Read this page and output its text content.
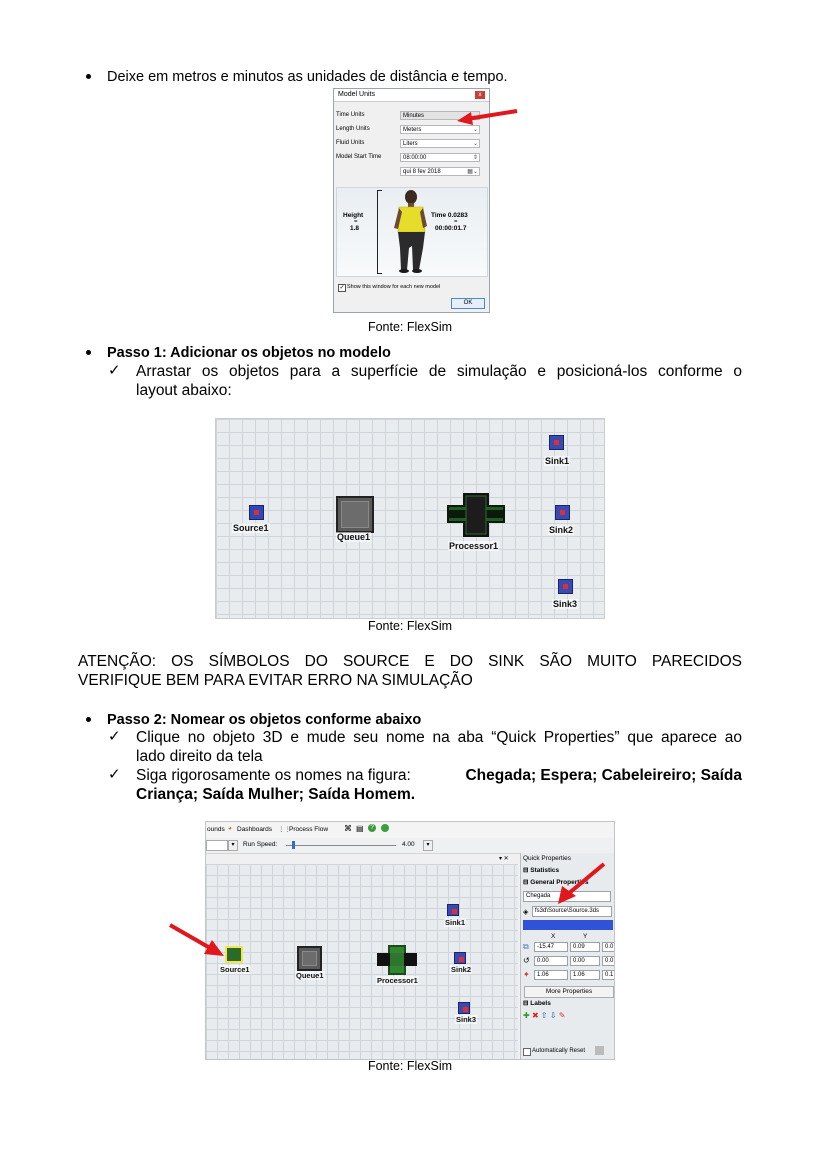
Deixe em metros e minutos as unidades de distância e tempo.
Model Units	x
Time Units	Minutes
Length Units	Meters	⌄
Fluid Units	Liters	⌄
Model Start Time	08:00:00	⇕
qui 8 fev 2018	▦⌄
Height
=
1.8
Time 0.0283
=
00:00:01.7
✓ Show this window for each new model
OK
Fonte: FlexSim
Passo 1: Adicionar os objetos no modelo
✓ Arrastar os objetos para a superfície de simulação e posicioná-los conforme o
layout abaixo:
Source1
Queue1
Processor1
Sink1
Sink2
Sink3
Fonte: FlexSim
ATENÇÃO: OS SÍMBOLOS DO SOURCE E DO SINK SÃO MUITO PARECIDOS
VERIFIQUE BEM PARA EVITAR ERRO NA SIMULAÇÃO
Passo 2: Nomear os objetos conforme abaixo
✓ Clique no objeto 3D e mude seu nome na aba “Quick Properties” que aparece ao
lado direito da tela
✓ Siga rigorosamente os nomes na figura:	Chegada; Espera; Cabeleireiro; Saída
Criança; Saída Mulher; Saída Homem.
ounds ◕ Dashboards ⋮⋮
Process Flow ⌘ ▤	?
▾	Run Speed:	4.00	▾
▾ ✕
Source1
Queue1
Processor1
Sink1
Sink2
Sink3
Quick Properties
⊟ Statistics
⊟ General Properties
Chegada
◈	fs3d\Source\Source.3ds
X	Y
⧉	-15.47	0.09	0.0
↺	0.00	0.00	0.0
✦	1.06	1.06	0.1
More Properties
⊟ Labels
✚ ✖ ⇧ ⇩ ✎
Automatically Reset
Fonte: FlexSim
